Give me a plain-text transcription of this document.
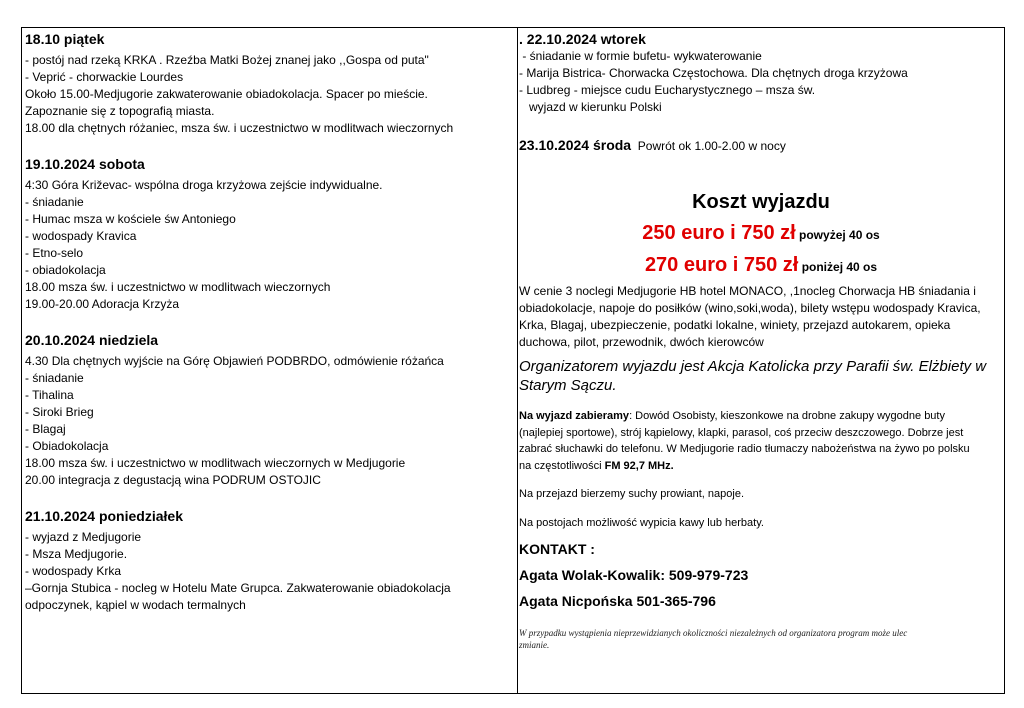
18.10 piątek
- postój nad rzeką KRKA . Rzeźba Matki Bożej znanej jako ,,Gospa od puta"
- Veprić - chorwackie Lourdes
Około 15.00-Medjugorie zakwaterowanie obiadokolacja. Spacer po mieście.
Zapoznanie się z topografią miasta.
18.00 dla chętnych różaniec, msza św. i uczestnictwo w modlitwach wieczornych
19.10.2024 sobota
4:30 Góra Križevac- wspólna droga krzyżowa zejście indywidualne.
- śniadanie
- Humac msza w kościele św Antoniego
- wodospady Kravica
- Etno-selo
- obiadokolacja
18.00 msza św. i uczestnictwo w modlitwach wieczornych
19.00-20.00 Adoracja Krzyża
20.10.2024 niedziela
4.30 Dla chętnych wyjście na Górę Objawień PODBRDO, odmówienie różańca
- śniadanie
- Tihalina
- Siroki Brieg
- Blagaj
- Obiadokolacja
18.00 msza św. i uczestnictwo w modlitwach wieczornych w Medjugorie
20.00 integracja z degustacją wina PODRUM OSTOJIC
21.10.2024 poniedziałek
- wyjazd z Medjugorie
- Msza Medjugorie.
- wodospady Krka
–Gornja Stubica - nocleg w Hotelu Mate Grupca. Zakwaterowanie obiadokolacja
odpoczynek, kąpiel w wodach termalnych
. 22.10.2024 wtorek
- śniadanie w formie bufetu- wykwaterowanie
- Marija Bistrica- Chorwacka Częstochowa. Dla chętnych droga krzyżowa
- Ludbreg - miejsce cudu Eucharystycznego – msza św.
wyjazd w kierunku Polski
23.10.2024 środa  Powrót ok 1.00-2.00 w nocy
Koszt wyjazdu
250 euro i 750 zł powyżej 40 os
270 euro i 750 zł poniżej 40 os
W cenie 3 noclegi Medjugorie HB hotel MONACO, ,1nocleg Chorwacja HB śniadania i
obiadokolacje, napoje do posiłków (wino,soki,woda), bilety wstępu wodospady Kravica,
Krka, Blagaj, ubezpieczenie, podatki lokalne, winiety, przejazd autokarem, opieka
duchowa, pilot, przewodnik, dwóch kierowców
Organizatorem wyjazdu jest Akcja Katolicka przy Parafii św. Elżbiety w
Starym Sączu.
Na wyjazd zabieramy: Dowód Osobisty, kieszonkowe na drobne zakupy wygodne buty
(najlepiej sportowe), strój kąpielowy, klapki, parasol, coś przeciw deszczowego. Dobrze jest
zabrać słuchawki do telefonu. W Medjugorie radio tłumaczy nabożeństwa na żywo po polsku
na częstotliwości FM 92,7 MHz.
Na przejazd bierzemy suchy prowiant, napoje.
Na postojach możliwość wypicia kawy lub herbaty.
KONTAKT :
Agata Wolak-Kowalik: 509-979-723
Agata Nicpońska 501-365-796
W przypadku wystąpienia nieprzewidzianych okoliczności niezależnych od organizatora program może ulec
zmianie.
